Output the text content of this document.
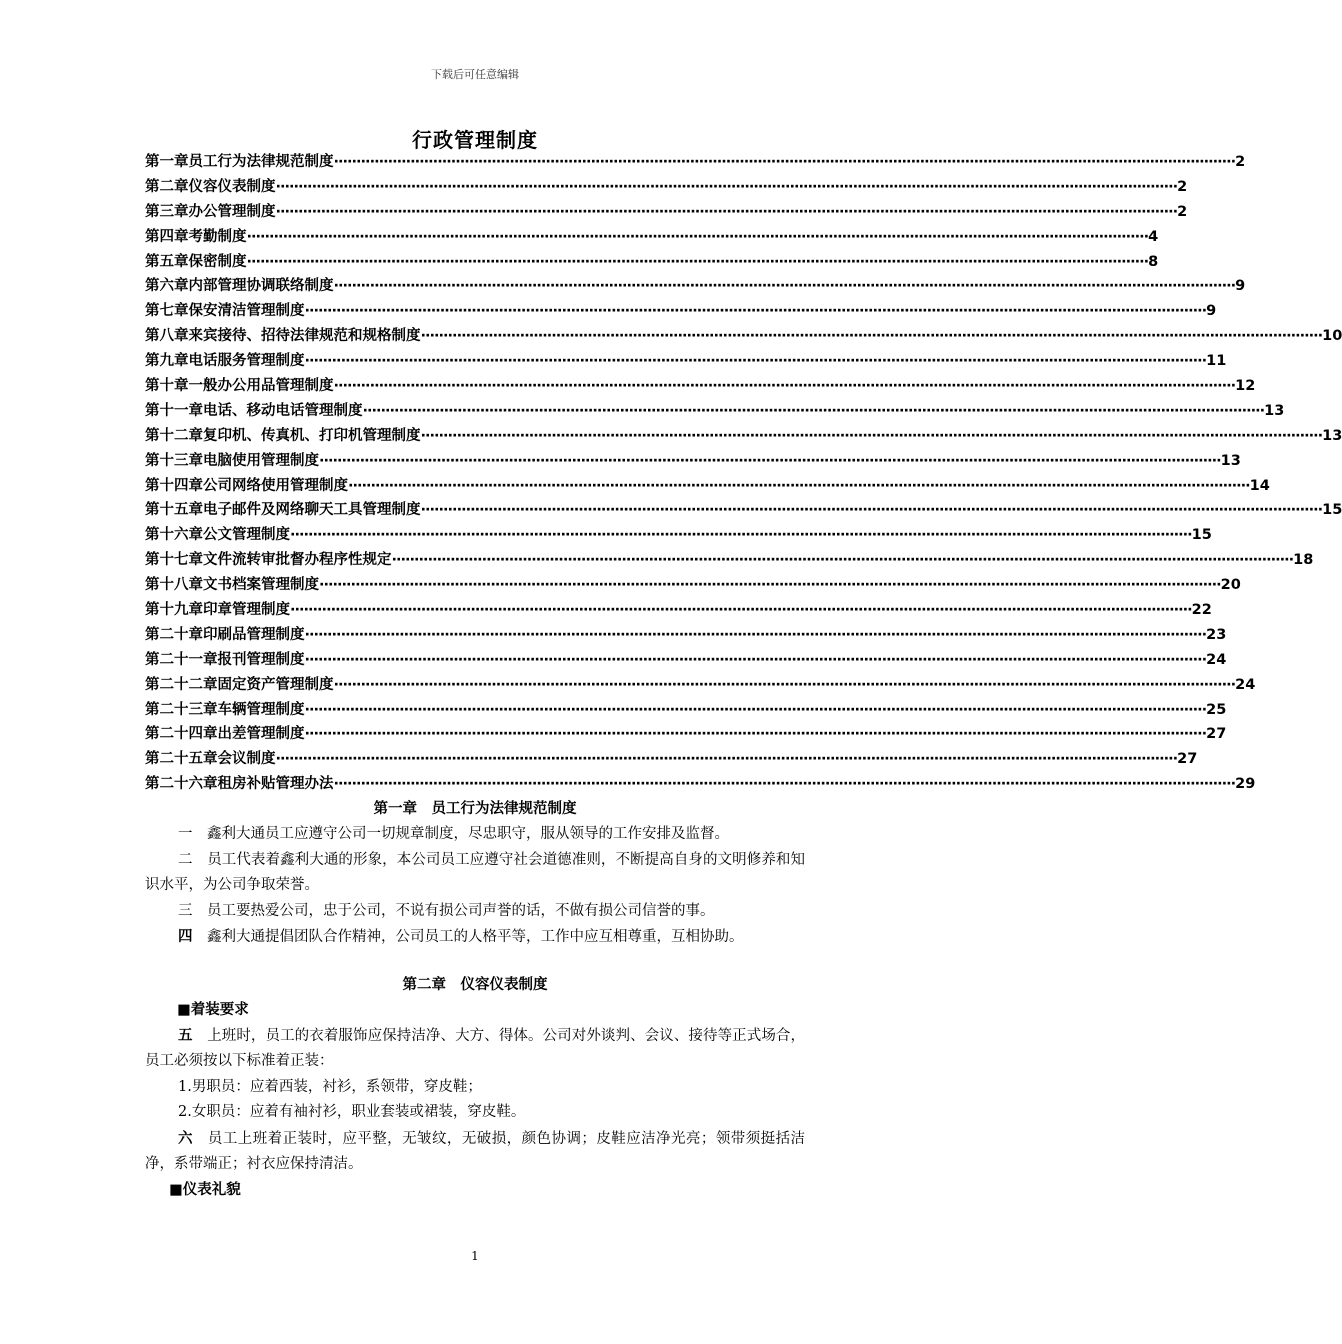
下载后可任意编辑
行政管理制度
第一章 员工行为法律规范制度 ········································································································································································································ 2
第二章 仪容仪表制度 ········································································································································································································ 2
第三章 办公管理制度 ········································································································································································································ 2
第四章 考勤制度 ········································································································································································································ 4
第五章 保密制度 ········································································································································································································ 8
第六章 内部管理协调联络制度 ········································································································································································································ 9
第七章 保安清洁管理制度 ········································································································································································································ 9
第八章 来宾接待、招待法律规范和规格制度 ········································································································································································································ 10
第九章 电话服务管理制度 ········································································································································································································ 11
第十章 一般办公用品管理制度 ········································································································································································································ 12
第十一章 电话、移动电话管理制度 ········································································································································································································ 13
第十二章 复印机、传真机、打印机管理制度 ········································································································································································································ 13
第十三章 电脑使用管理制度 ········································································································································································································ 13
第十四章 公司网络使用管理制度 ········································································································································································································ 14
第十五章 电子邮件及网络聊天工具管理制度 ········································································································································································································ 15
第十六章 公文管理制度 ········································································································································································································ 15
第十七章 文件流转审批督办程序性规定 ········································································································································································································ 18
第十八章 文书档案管理制度 ········································································································································································································ 20
第十九章 印章管理制度 ········································································································································································································ 22
第二十章 印刷品管理制度 ········································································································································································································ 23
第二十一章 报刊管理制度 ········································································································································································································ 24
第二十二章 固定资产管理制度 ········································································································································································································ 24
第二十三章 车辆管理制度 ········································································································································································································ 25
第二十四章 出差管理制度 ········································································································································································································ 27
第二十五章 会议制度 ········································································································································································································ 27
第二十六章 租房补贴管理办法 ········································································································································································································ 29
第一章　员工行为法律规范制度

一　 鑫利大通员工应遵守公司一切规章制度，尽忠职守，服从领导的工作安排及监督。

二　 员工代表着鑫利大通的形象，本公司员工应遵守社会道德准则，不断提高自身的文明修养和知识水平，为公司争取荣誉。

三　 员工要热爱公司，忠于公司，不说有损公司声誉的话，不做有损公司信誉的事。

四　 鑫利大通提倡团队合作精神，公司员工的人格平等，工作中应互相尊重，互相协助。

第二章　仪容仪表制度
■着装要求

五　 上班时，员工的衣着服饰应保持洁净、大方、得体。公司对外谈判、会议、接待等正式场合，员工必须按以下标准着正装：

1.男职员：应着西装，衬衫，系领带，穿皮鞋；

2.女职员：应着有袖衬衫，职业套装或裙装，穿皮鞋。

六　 员工上班着正装时，应平整，无皱纹，无破损，颜色协调；皮鞋应洁净光亮；领带须挺括洁净，系带端正；衬衣应保持清洁。

■仪表礼貌
1
